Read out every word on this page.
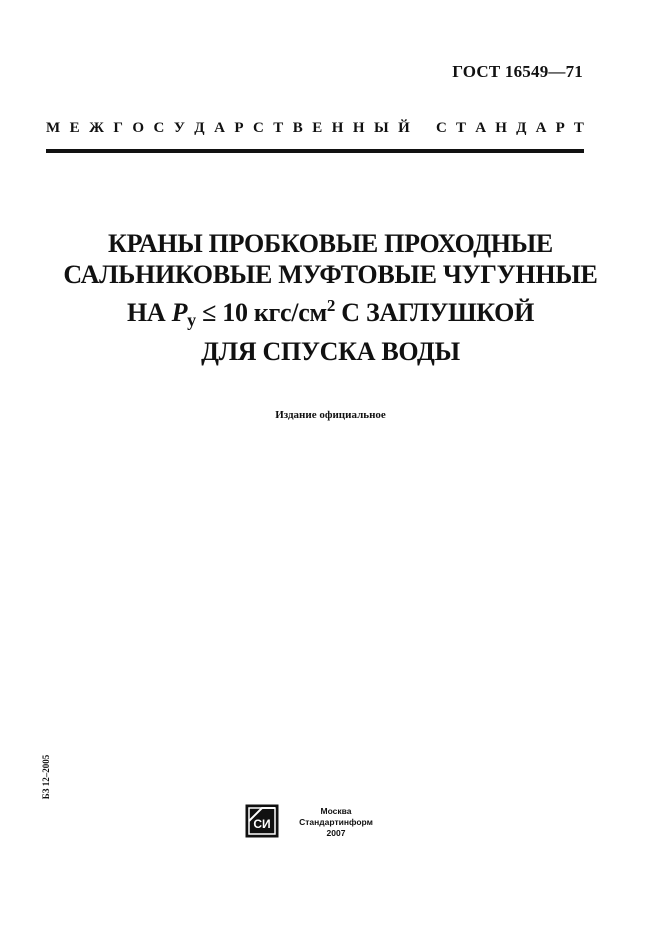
ГОСТ 16549—71
М Е Ж Г О С У Д А Р С Т В Е Н Н Ы Й С Т А Н Д А Р Т
КРАНЫ ПРОБКОВЫЕ ПРОХОДНЫЕ
САЛЬНИКОВЫЕ МУФТОВЫЕ ЧУГУННЫЕ
НА $P_y \le 10$ кгс/$см^2$ С ЗАГЛУШКОЙ
ДЛЯ СПУСКА ВОДЫ
Издание официальное
БЗ 12–2005
СИ
Москва
Стандартинформ
2007
